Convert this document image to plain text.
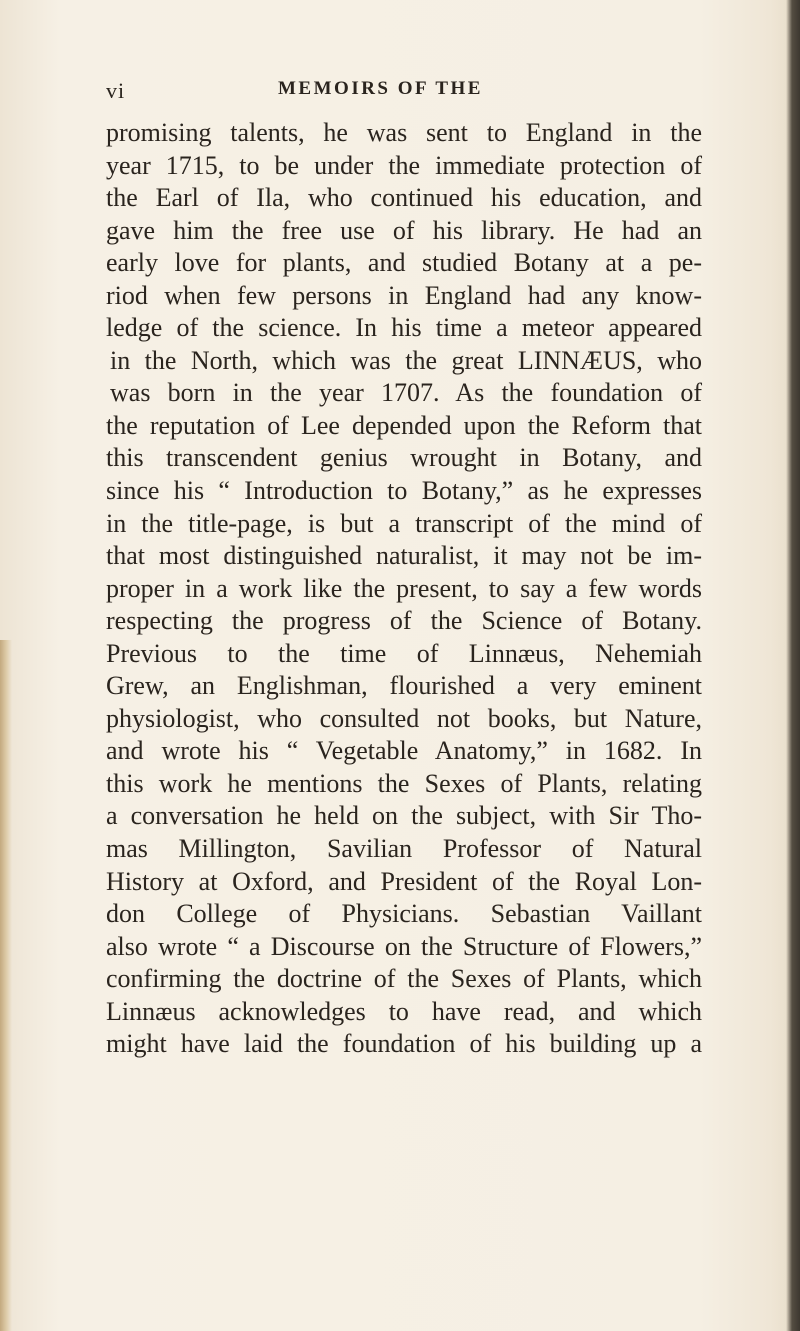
vi	MEMOIRS OF THE
promising talents, he was sent to England in the
year 1715, to be under the immediate protection of
the Earl of Ila, who continued his education, and
gave him the free use of his library. He had an
early love for plants, and studied Botany at a pe-
riod when few persons in England had any know-
ledge of the science. In his time a meteor appeared
in the North, which was the great LINNÆUS, who
was born in the year 1707. As the foundation of
the reputation of Lee depended upon the Reform that
this transcendent genius wrought in Botany, and
since his “ Introduction to Botany,” as he expresses
in the title-page, is but a transcript of the mind of
that most distinguished naturalist, it may not be im-
proper in a work like the present, to say a few words
respecting the progress of the Science of Botany.
Previous to the time of Linnæus, Nehemiah
Grew, an Englishman, flourished a very eminent
physiologist, who consulted not books, but Nature,
and wrote his “ Vegetable Anatomy,” in 1682. In
this work he mentions the Sexes of Plants, relating
a conversation he held on the subject, with Sir Tho-
mas Millington, Savilian Professor of Natural
History at Oxford, and President of the Royal Lon-
don College of Physicians. Sebastian Vaillant
also wrote “ a Discourse on the Structure of Flowers,”
confirming the doctrine of the Sexes of Plants, which
Linnæus acknowledges to have read, and which
might have laid the foundation of his building up a
